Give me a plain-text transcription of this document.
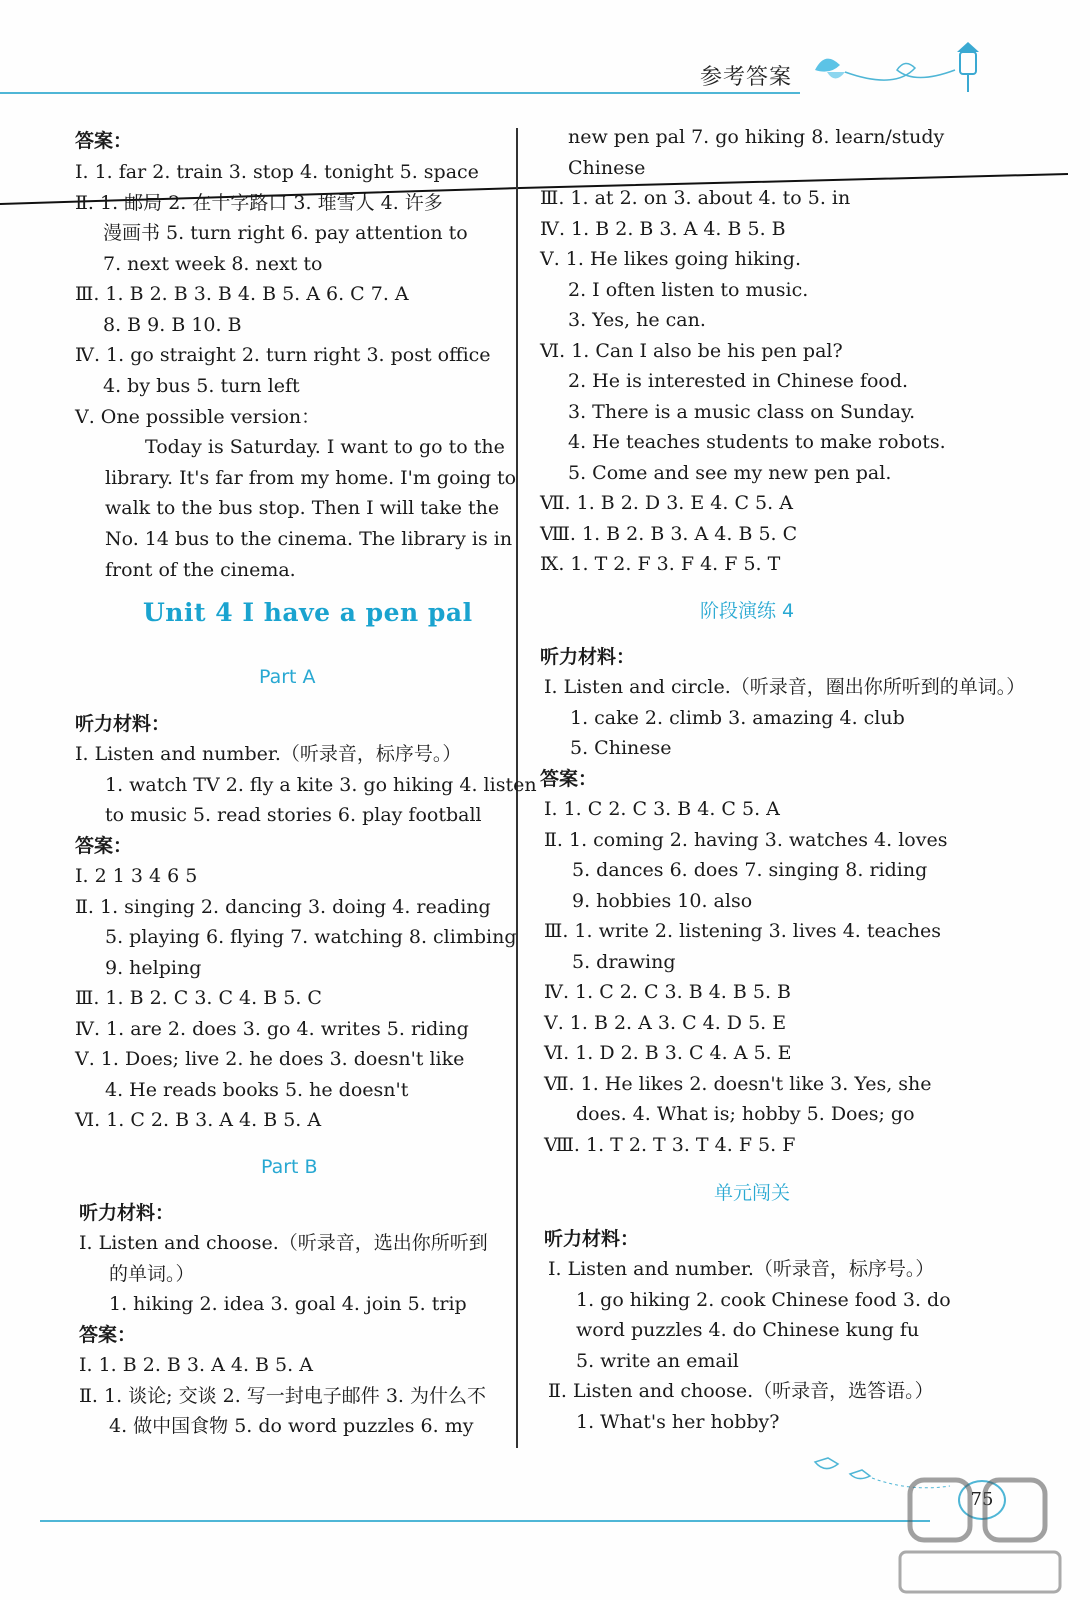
参考答案
答案：
Ⅰ. 1. far 2. train 3. stop 4. tonight 5. space
Ⅱ. 1. 邮局 2. 在十字路口 3. 堆雪人 4. 许多
漫画书 5. turn right 6. pay attention to
7. next week 8. next to
Ⅲ. 1. B 2. B 3. B 4. B 5. A 6. C 7. A
8. B 9. B 10. B
Ⅳ. 1. go straight 2. turn right 3. post office
4. by bus 5. turn left
Ⅴ. One possible version：
Today is Saturday. I want to go to the
library. It's far from my home. I'm going to
walk to the bus stop. Then I will take the
No. 14 bus to the cinema. The library is in
front of the cinema.
Unit 4 I have a pen pal
Part A
听力材料：
Ⅰ. Listen and number.（听录音，标序号。）
1. watch TV 2. fly a kite 3. go hiking 4. listen
to music 5. read stories 6. play football
答案：
Ⅰ. 2 1 3 4 6 5
Ⅱ. 1. singing 2. dancing 3. doing 4. reading
5. playing 6. flying 7. watching 8. climbing
9. helping
Ⅲ. 1. B 2. C 3. C 4. B 5. C
Ⅳ. 1. are 2. does 3. go 4. writes 5. riding
Ⅴ. 1. Does; live 2. he does 3. doesn't like
4. He reads books 5. he doesn't
Ⅵ. 1. C 2. B 3. A 4. B 5. A
Part B
听力材料：
Ⅰ. Listen and choose.（听录音，选出你所听到
的单词。）
1. hiking 2. idea 3. goal 4. join 5. trip
答案：
Ⅰ. 1. B 2. B 3. A 4. B 5. A
Ⅱ. 1. 谈论; 交谈 2. 写一封电子邮件 3. 为什么不
4. 做中国食物 5. do word puzzles 6. my
new pen pal 7. go hiking 8. learn/study
Chinese
Ⅲ. 1. at 2. on 3. about 4. to 5. in
Ⅳ. 1. B 2. B 3. A 4. B 5. B
Ⅴ. 1. He likes going hiking.
2. I often listen to music.
3. Yes, he can.
Ⅵ. 1. Can I also be his pen pal?
2. He is interested in Chinese food.
3. There is a music class on Sunday.
4. He teaches students to make robots.
5. Come and see my new pen pal.
Ⅶ. 1. B 2. D 3. E 4. C 5. A
Ⅷ. 1. B 2. B 3. A 4. B 5. C
Ⅸ. 1. T 2. F 3. F 4. F 5. T
阶段演练 4
听力材料：
Ⅰ. Listen and circle.（听录音，圈出你所听到的单词。）
1. cake 2. climb 3. amazing 4. club
5. Chinese
答案：
Ⅰ. 1. C 2. C 3. B 4. C 5. A
Ⅱ. 1. coming 2. having 3. watches 4. loves
5. dances 6. does 7. singing 8. riding
9. hobbies 10. also
Ⅲ. 1. write 2. listening 3. lives 4. teaches
5. drawing
Ⅳ. 1. C 2. C 3. B 4. B 5. B
Ⅴ. 1. B 2. A 3. C 4. D 5. E
Ⅵ. 1. D 2. B 3. C 4. A 5. E
Ⅶ. 1. He likes 2. doesn't like 3. Yes, she
does. 4. What is; hobby 5. Does; go
Ⅷ. 1. T 2. T 3. T 4. F 5. F
单元闯关
听力材料：
Ⅰ. Listen and number.（听录音，标序号。）
1. go hiking 2. cook Chinese food 3. do
word puzzles 4. do Chinese kung fu
5. write an email
Ⅱ. Listen and choose.（听录音，选答语。）
1. What's her hobby?
75
